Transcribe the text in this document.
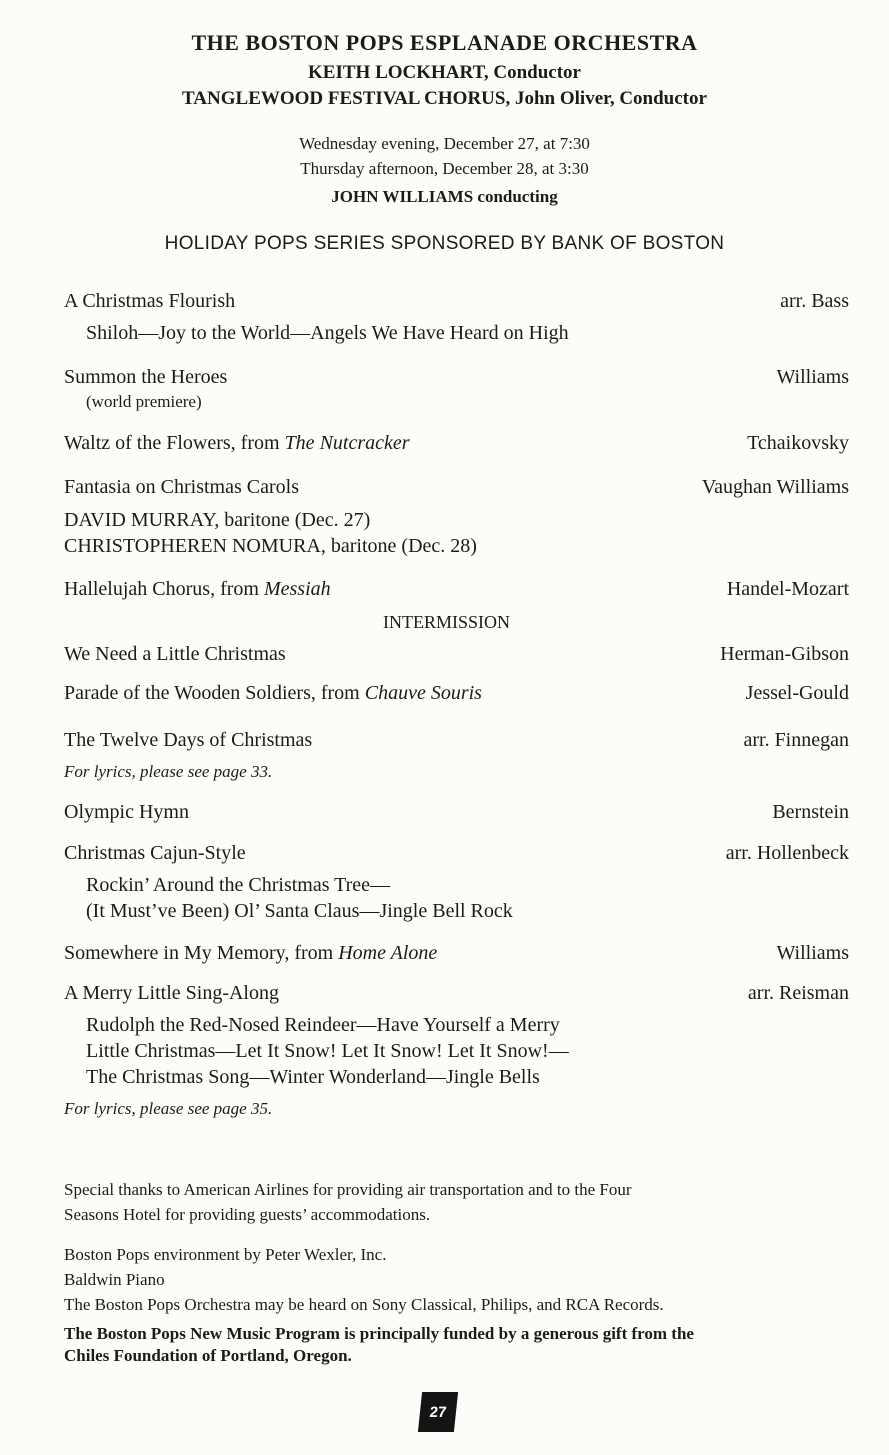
THE BOSTON POPS ESPLANADE ORCHESTRA
KEITH LOCKHART, Conductor
TANGLEWOOD FESTIVAL CHORUS, John Oliver, Conductor
Wednesday evening, December 27, at 7:30
Thursday afternoon, December 28, at 3:30
JOHN WILLIAMS conducting
HOLIDAY POPS SERIES SPONSORED BY BANK OF BOSTON
A Christmas Flourish	arr. Bass
Shiloh—Joy to the World—Angels We Have Heard on High
Summon the Heroes	Williams
(world premiere)
Waltz of the Flowers, from The Nutcracker	Tchaikovsky
Fantasia on Christmas Carols	Vaughan Williams
DAVID MURRAY, baritone (Dec. 27)
CHRISTOPHEREN NOMURA, baritone (Dec. 28)
Hallelujah Chorus, from Messiah	Handel-Mozart
INTERMISSION
We Need a Little Christmas	Herman-Gibson
Parade of the Wooden Soldiers, from Chauve Souris	Jessel-Gould
The Twelve Days of Christmas	arr. Finnegan
For lyrics, please see page 33.
Olympic Hymn	Bernstein
Christmas Cajun-Style	arr. Hollenbeck
Rockin’ Around the Christmas Tree—
(It Must’ve Been) Ol’ Santa Claus—Jingle Bell Rock
Somewhere in My Memory, from Home Alone	Williams
A Merry Little Sing-Along	arr. Reisman
Rudolph the Red-Nosed Reindeer—Have Yourself a Merry
Little Christmas—Let It Snow! Let It Snow! Let It Snow!—
The Christmas Song—Winter Wonderland—Jingle Bells
For lyrics, please see page 35.
Special thanks to American Airlines for providing air transportation and to the Four
Seasons Hotel for providing guests’ accommodations.
Boston Pops environment by Peter Wexler, Inc.
Baldwin Piano
The Boston Pops Orchestra may be heard on Sony Classical, Philips, and RCA Records.
The Boston Pops New Music Program is principally funded by a generous gift from the
Chiles Foundation of Portland, Oregon.
27
